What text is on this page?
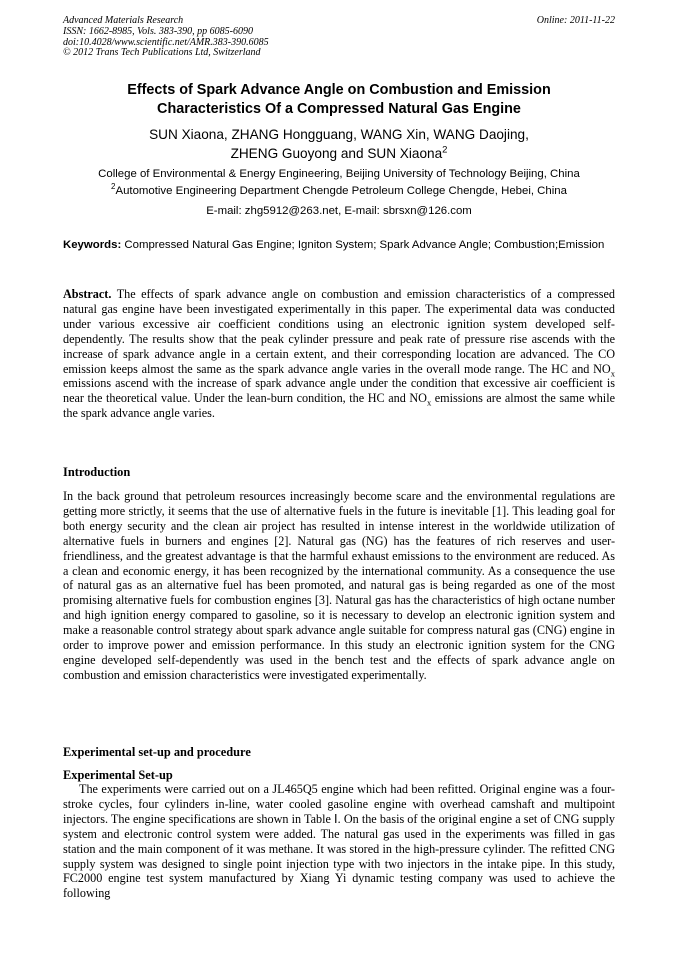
Advanced Materials Research
ISSN: 1662-8985, Vols. 383-390, pp 6085-6090
doi:10.4028/www.scientific.net/AMR.383-390.6085
© 2012 Trans Tech Publications Ltd, Switzerland
Online: 2011-11-22
Effects of Spark Advance Angle on Combustion and Emission
Characteristics Of a Compressed Natural Gas Engine
SUN Xiaona, ZHANG Hongguang, WANG Xin, WANG Daojing,
ZHENG Guoyong and SUN Xiaona$^2$
College of Environmental & Energy Engineering, Beijing University of Technology Beijing, China
$^2$Automotive Engineering Department Chengde Petroleum College Chengde, Hebei, China
E-mail: zhg5912@263.net, E-mail: sbrsxn@126.com
Keywords: Compressed Natural Gas Engine; Igniton System; Spark Advance Angle; Combustion;Emission
Abstract. The effects of spark advance angle on combustion and emission characteristics of a compressed natural gas engine have been investigated experimentally in this paper. The experimental data was conducted under various excessive air coefficient conditions using an electronic ignition system developed self-dependently. The results show that the peak cylinder pressure and peak rate of pressure rise ascends with the increase of spark advance angle in a certain extent, and their corresponding location are advanced. The CO emission keeps almost the same as the spark advance angle varies in the overall mode range. The HC and $NO_x$ emissions ascend with the increase of spark advance angle under the condition that excessive air coefficient is near the theoretical value. Under the lean-burn condition, the HC and $NO_x$ emissions are almost the same while the spark advance angle varies.
Introduction
In the back ground that petroleum resources increasingly become scare and the environmental regulations are getting more strictly, it seems that the use of alternative fuels in the future is inevitable [1]. This leading goal for both energy security and the clean air project has resulted in intense interest in the worldwide utilization of alternative fuels in burners and engines [2]. Natural gas (NG) has the features of rich reserves and user-friendliness, and the greatest advantage is that the harmful exhaust emissions to the environment are reduced. As a clean and economic energy, it has been recognized by the international community. As a consequence the use of natural gas as an alternative fuel has been promoted, and natural gas is being regarded as one of the most promising alternative fuels for combustion engines [3]. Natural gas has the characteristics of high octane number and high ignition energy compared to gasoline, so it is necessary to develop an electronic ignition system and make a reasonable control strategy about spark advance angle suitable for compress natural gas (CNG) engine in order to improve power and emission performance. In this study an electronic ignition system for the CNG engine developed self-dependently was used in the bench test and the effects of spark advance angle on combustion and emission characteristics were investigated experimentally.
Experimental set-up and procedure
Experimental Set-up
The experiments were carried out on a JL465Q5 engine which had been refitted. Original engine was a four-stroke cycles, four cylinders in-line, water cooled gasoline engine with overhead camshaft and multipoint injectors. The engine specifications are shown in Table Ⅰ. On the basis of the original engine a set of CNG supply system and electronic control system were added. The natural gas used in the experiments was filled in gas station and the main component of it was methane. It was stored in the high-pressure cylinder. The refitted CNG supply system was designed to single point injection type with two injectors in the intake pipe. In this study, FC2000 engine test system manufactured by Xiang Yi dynamic testing company was used to achieve the following
